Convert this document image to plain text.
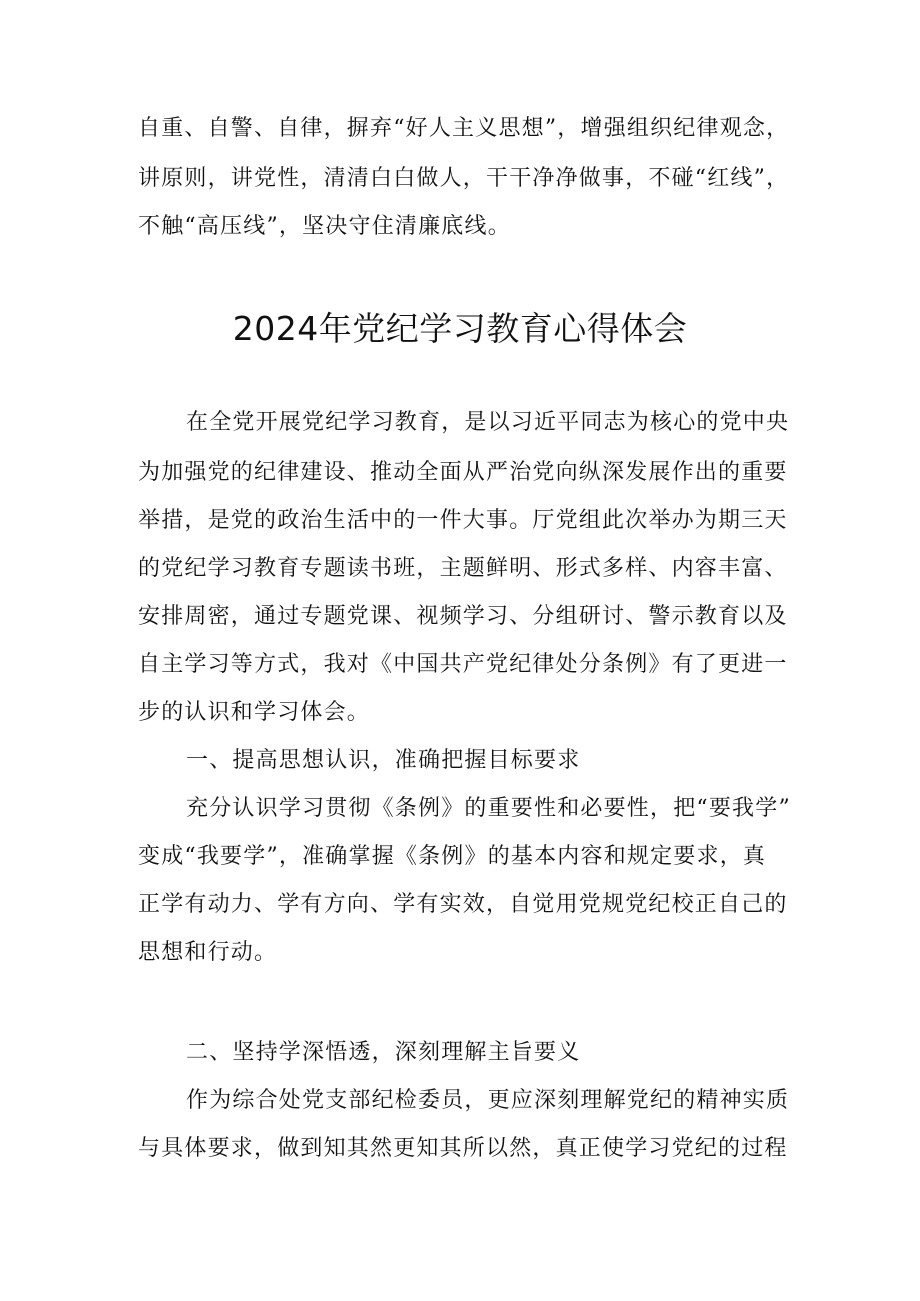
自重、自警、自律，摒弃“好人主义思想”，增强组织纪律观念，
讲原则，讲党性，清清白白做人，干干净净做事，不碰“红线”，
不触“高压线”，坚决守住清廉底线。
2024年党纪学习教育心得体会
在全党开展党纪学习教育，是以习近平同志为核心的党中央
为加强党的纪律建设、推动全面从严治党向纵深发展作出的重要
举措，是党的政治生活中的一件大事。厅党组此次举办为期三天
的党纪学习教育专题读书班，主题鲜明、形式多样、内容丰富、
安排周密，通过专题党课、视频学习、分组研讨、警示教育以及
自主学习等方式，我对《中国共产党纪律处分条例》有了更进一
步的认识和学习体会。
一、提高思想认识，准确把握目标要求
充分认识学习贯彻《条例》的重要性和必要性，把“要我学”
变成“我要学”，准确掌握《条例》的基本内容和规定要求，真
正学有动力、学有方向、学有实效，自觉用党规党纪校正自己的
思想和行动。
二、坚持学深悟透，深刻理解主旨要义
作为综合处党支部纪检委员，更应深刻理解党纪的精神实质
与具体要求，做到知其然更知其所以然，真正使学习党纪的过程
